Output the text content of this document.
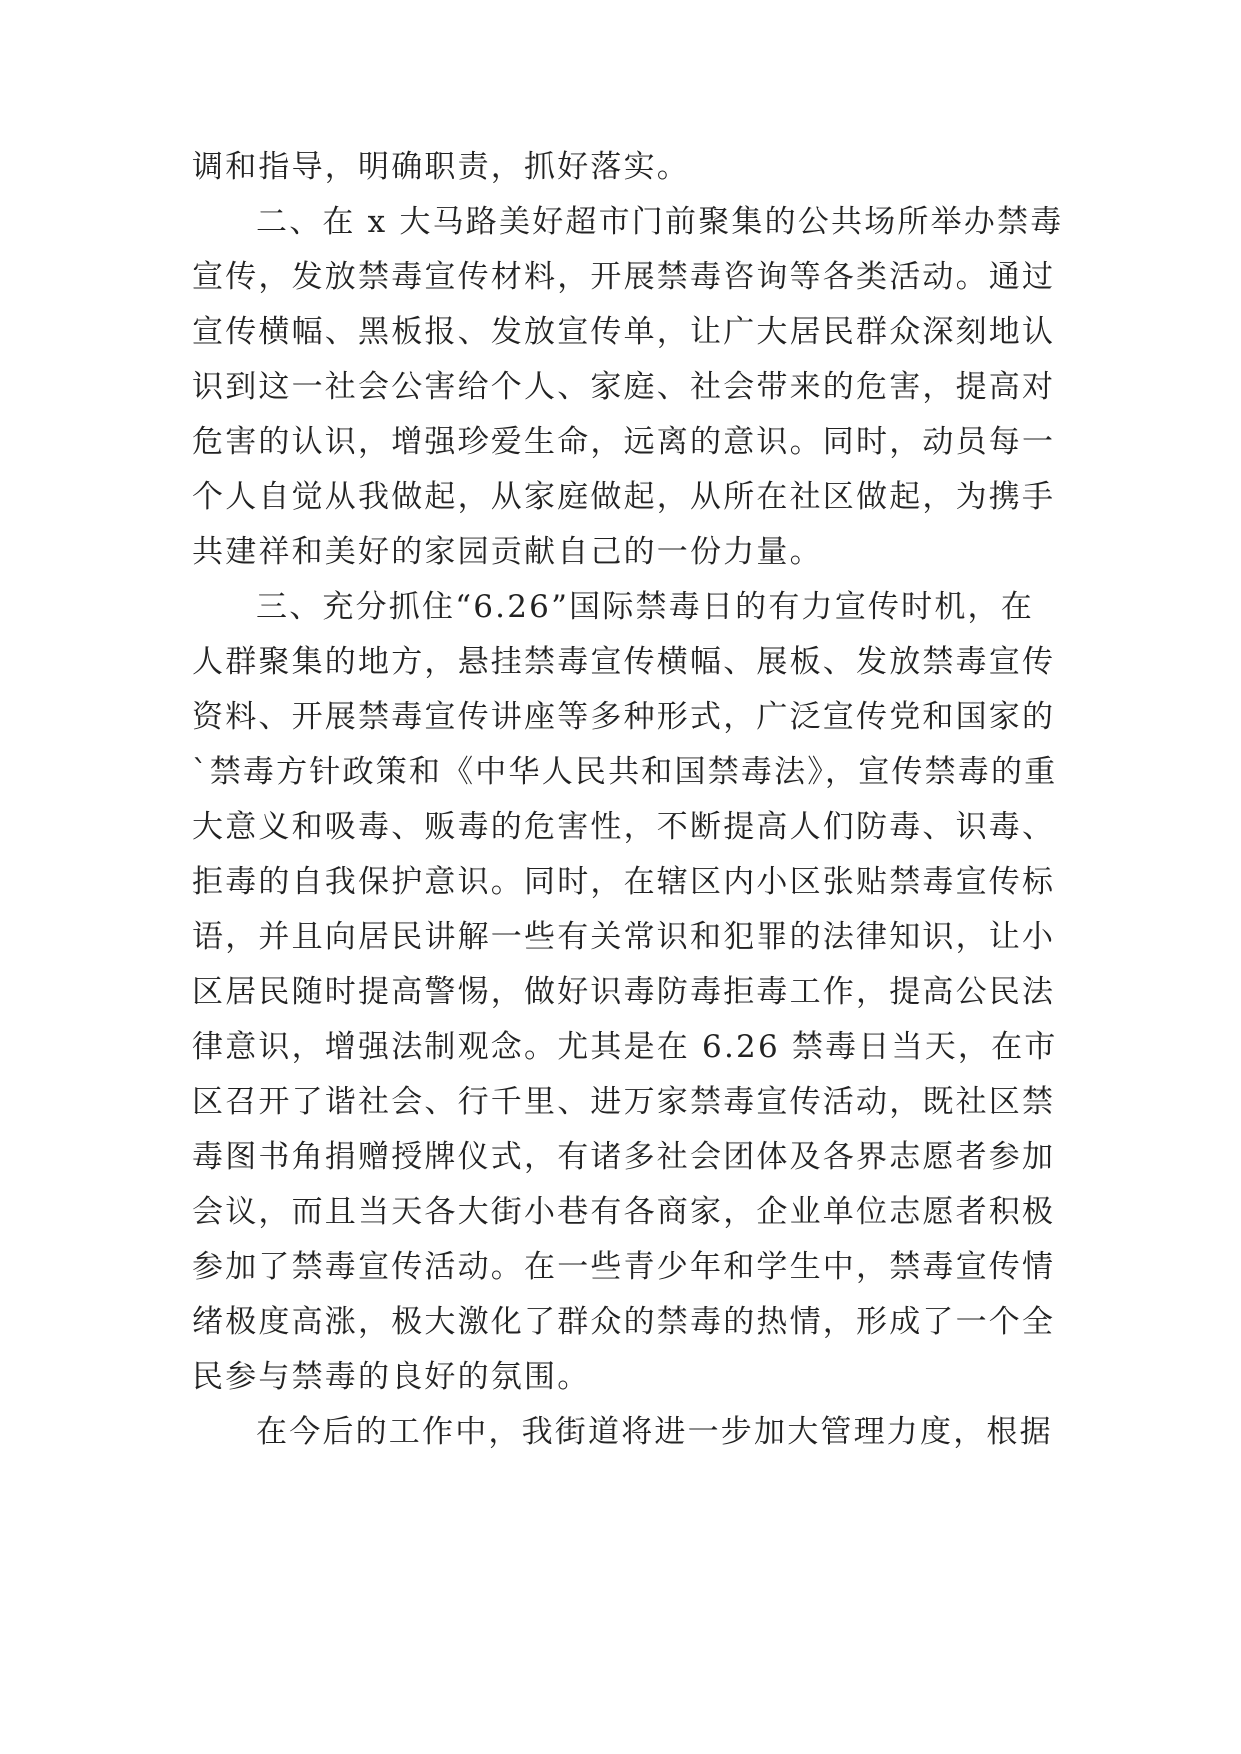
调和指导，明确职责，抓好落实。
二、在 x 大马路美好超市门前聚集的公共场所举办禁毒
宣传，发放禁毒宣传材料，开展禁毒咨询等各类活动。通过
宣传横幅、黑板报、发放宣传单，让广大居民群众深刻地认
识到这一社会公害给个人、家庭、社会带来的危害，提高对
危害的认识，增强珍爱生命，远离的意识。同时，动员每一
个人自觉从我做起，从家庭做起，从所在社区做起，为携手
共建祥和美好的家园贡献自己的一份力量。
三、充分抓住“6.26”国际禁毒日的有力宣传时机，在
人群聚集的地方，悬挂禁毒宣传横幅、展板、发放禁毒宣传
资料、开展禁毒宣传讲座等多种形式，广泛宣传党和国家的
`禁毒方针政策和《中华人民共和国禁毒法》，宣传禁毒的重
大意义和吸毒、贩毒的危害性，不断提高人们防毒、识毒、
拒毒的自我保护意识。同时，在辖区内小区张贴禁毒宣传标
语，并且向居民讲解一些有关常识和犯罪的法律知识，让小
区居民随时提高警惕，做好识毒防毒拒毒工作，提高公民法
律意识，增强法制观念。尤其是在 6.26 禁毒日当天，在市
区召开了谐社会、行千里、进万家禁毒宣传活动，既社区禁
毒图书角捐赠授牌仪式，有诸多社会团体及各界志愿者参加
会议，而且当天各大街小巷有各商家，企业单位志愿者积极
参加了禁毒宣传活动。在一些青少年和学生中，禁毒宣传情
绪极度高涨，极大激化了群众的禁毒的热情，形成了一个全
民参与禁毒的良好的氛围。
在今后的工作中，我街道将进一步加大管理力度，根据
